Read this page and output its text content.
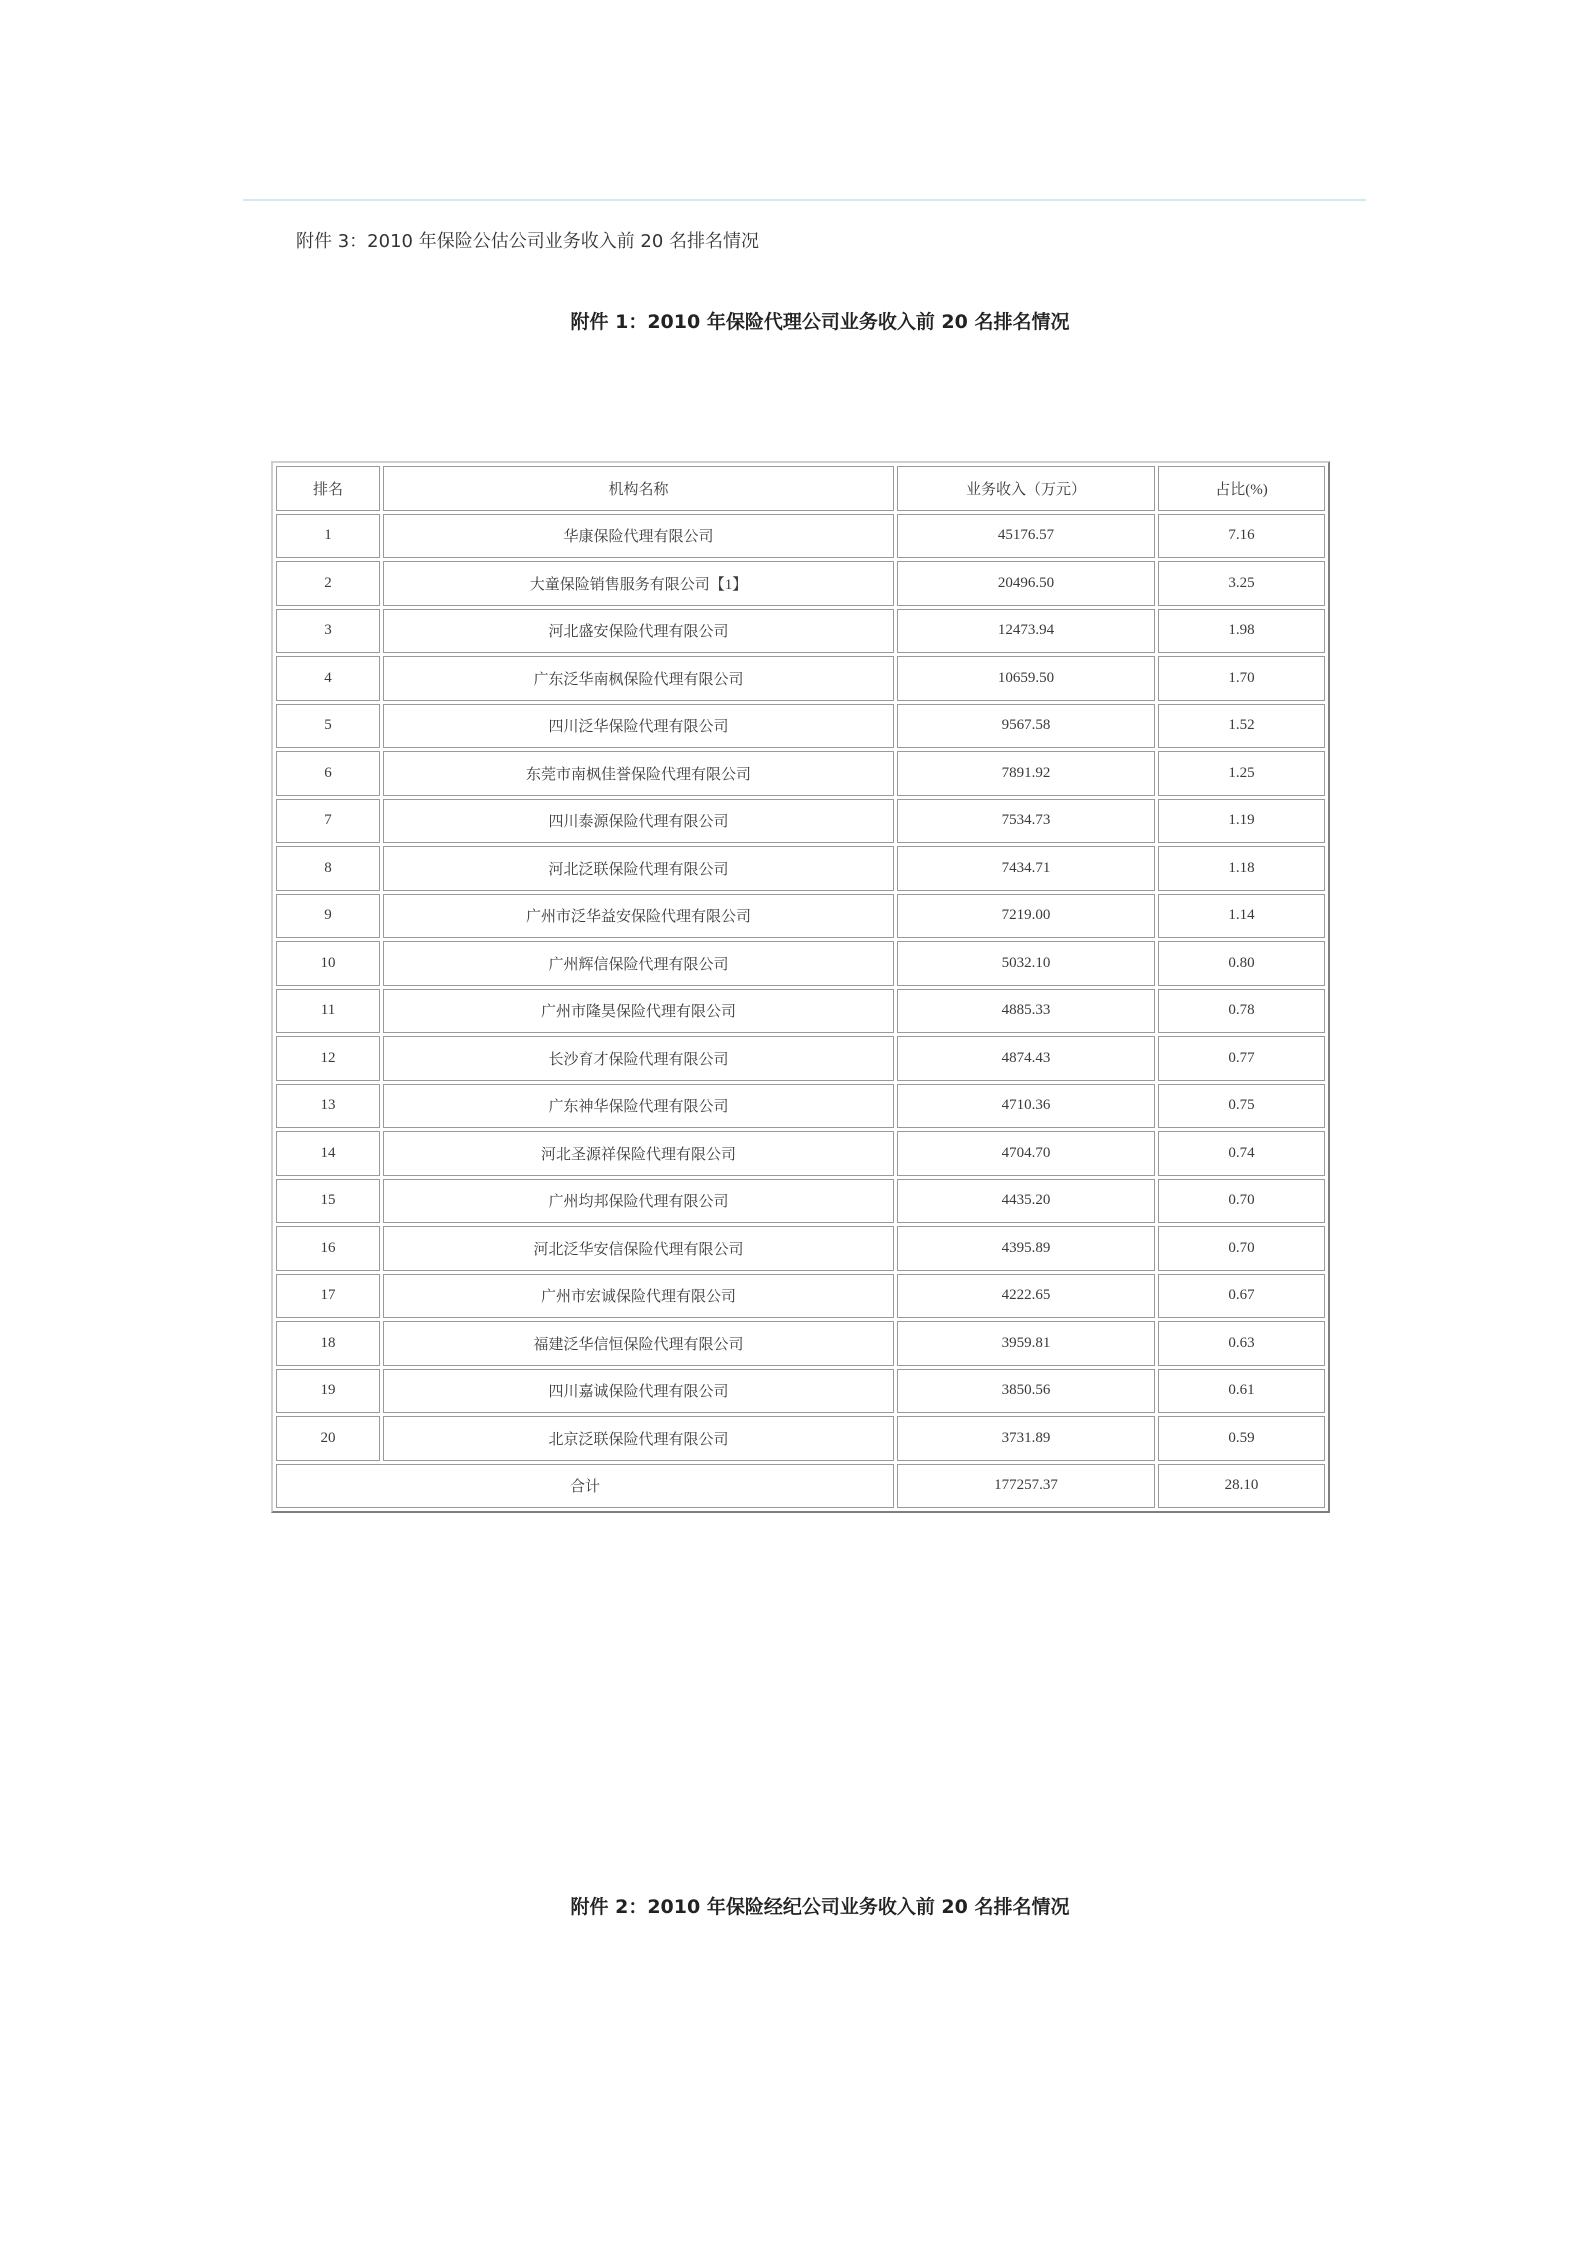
附件 3：2010 年保险公估公司业务收入前 20 名排名情况
附件 1：2010 年保险代理公司业务收入前 20 名排名情况
排名	机构名称	业务收入（万元）	占比(%)
1	华康保险代理有限公司	45176.57	7.16
2	大童保险销售服务有限公司【1】	20496.50	3.25
3	河北盛安保险代理有限公司	12473.94	1.98
4	广东泛华南枫保险代理有限公司	10659.50	1.70
5	四川泛华保险代理有限公司	9567.58	1.52
6	东莞市南枫佳誉保险代理有限公司	7891.92	1.25
7	四川泰源保险代理有限公司	7534.73	1.19
8	河北泛联保险代理有限公司	7434.71	1.18
9	广州市泛华益安保险代理有限公司	7219.00	1.14
10	广州辉信保险代理有限公司	5032.10	0.80
11	广州市隆昊保险代理有限公司	4885.33	0.78
12	长沙育才保险代理有限公司	4874.43	0.77
13	广东神华保险代理有限公司	4710.36	0.75
14	河北圣源祥保险代理有限公司	4704.70	0.74
15	广州均邦保险代理有限公司	4435.20	0.70
16	河北泛华安信保险代理有限公司	4395.89	0.70
17	广州市宏诚保险代理有限公司	4222.65	0.67
18	福建泛华信恒保险代理有限公司	3959.81	0.63
19	四川嘉诚保险代理有限公司	3850.56	0.61
20	北京泛联保险代理有限公司	3731.89	0.59
合计		177257.37	28.10
附件 2：2010 年保险经纪公司业务收入前 20 名排名情况
